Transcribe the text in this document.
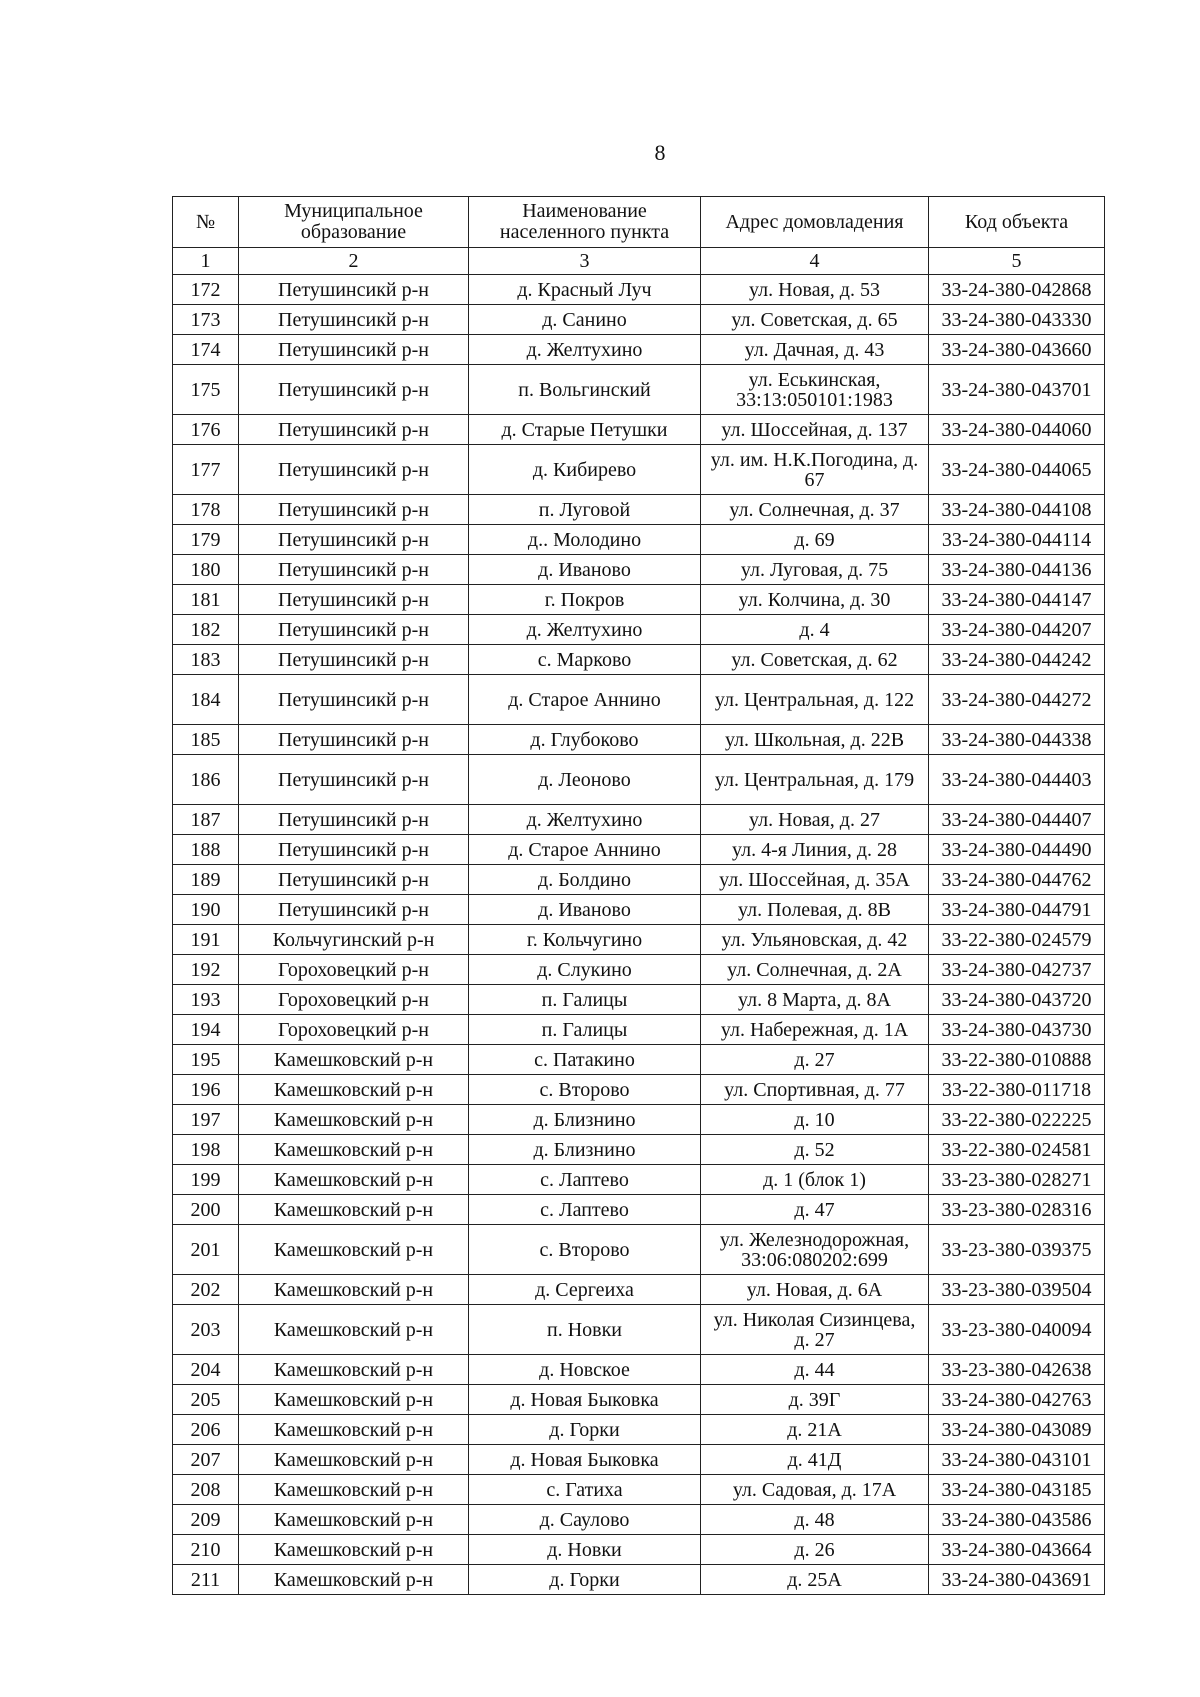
8
№	Муниципальное образование	Наименование населенного пункта	Адрес домовладения	Код объекта
1	2	3	4	5
172	Петушинсикй р-н	д. Красный Луч	ул. Новая, д. 53	33-24-380-042868
173	Петушинсикй р-н	д. Санино	ул. Советская, д. 65	33-24-380-043330
174	Петушинсикй р-н	д. Желтухино	ул. Дачная, д. 43	33-24-380-043660
175	Петушинсикй р-н	п. Вольгинский	ул. Еськинская, 33:13:050101:1983	33-24-380-043701
176	Петушинсикй р-н	д. Старые Петушки	ул. Шоссейная, д. 137	33-24-380-044060
177	Петушинсикй р-н	д. Кибирево	ул. им. Н.К.Погодина, д. 67	33-24-380-044065
178	Петушинсикй р-н	п. Луговой	ул. Солнечная, д. 37	33-24-380-044108
179	Петушинсикй р-н	д.. Молодино	д. 69	33-24-380-044114
180	Петушинсикй р-н	д. Иваново	ул. Луговая, д. 75	33-24-380-044136
181	Петушинсикй р-н	г. Покров	ул. Колчина, д. 30	33-24-380-044147
182	Петушинсикй р-н	д. Желтухино	д. 4	33-24-380-044207
183	Петушинсикй р-н	с. Марково	ул. Советская, д. 62	33-24-380-044242
184	Петушинсикй р-н	д. Старое Аннино	ул. Центральная, д. 122	33-24-380-044272
185	Петушинсикй р-н	д. Глубоково	ул. Школьная, д. 22В	33-24-380-044338
186	Петушинсикй р-н	д. Леоново	ул. Центральная, д. 179	33-24-380-044403
187	Петушинсикй р-н	д. Желтухино	ул. Новая, д. 27	33-24-380-044407
188	Петушинсикй р-н	д. Старое Аннино	ул. 4-я Линия, д. 28	33-24-380-044490
189	Петушинсикй р-н	д. Болдино	ул. Шоссейная, д. 35А	33-24-380-044762
190	Петушинсикй р-н	д. Иваново	ул. Полевая, д. 8В	33-24-380-044791
191	Кольчугинский р-н	г. Кольчугино	ул. Ульяновская, д. 42	33-22-380-024579
192	Гороховецкий р-н	д. Слукино	ул. Солнечная, д. 2А	33-24-380-042737
193	Гороховецкий р-н	п. Галицы	ул. 8 Марта, д. 8А	33-24-380-043720
194	Гороховецкий р-н	п. Галицы	ул. Набережная, д. 1А	33-24-380-043730
195	Камешковский р-н	с. Патакино	д. 27	33-22-380-010888
196	Камешковский р-н	с. Второво	ул. Спортивная, д. 77	33-22-380-011718
197	Камешковский р-н	д. Близнино	д. 10	33-22-380-022225
198	Камешковский р-н	д. Близнино	д. 52	33-22-380-024581
199	Камешковский р-н	с. Лаптево	д. 1 (блок 1)	33-23-380-028271
200	Камешковский р-н	с. Лаптево	д. 47	33-23-380-028316
201	Камешковский р-н	с. Второво	ул. Железнодорожная, 33:06:080202:699	33-23-380-039375
202	Камешковский р-н	д. Сергеиха	ул. Новая, д. 6А	33-23-380-039504
203	Камешковский р-н	п. Новки	ул. Николая Сизинцева, д. 27	33-23-380-040094
204	Камешковский р-н	д. Новское	д. 44	33-23-380-042638
205	Камешковский р-н	д. Новая Быковка	д. 39Г	33-24-380-042763
206	Камешковский р-н	д. Горки	д. 21А	33-24-380-043089
207	Камешковский р-н	д. Новая Быковка	д. 41Д	33-24-380-043101
208	Камешковский р-н	с. Гатиха	ул. Садовая, д. 17А	33-24-380-043185
209	Камешковский р-н	д. Саулово	д. 48	33-24-380-043586
210	Камешковский р-н	д. Новки	д. 26	33-24-380-043664
211	Камешковский р-н	д. Горки	д. 25А	33-24-380-043691
